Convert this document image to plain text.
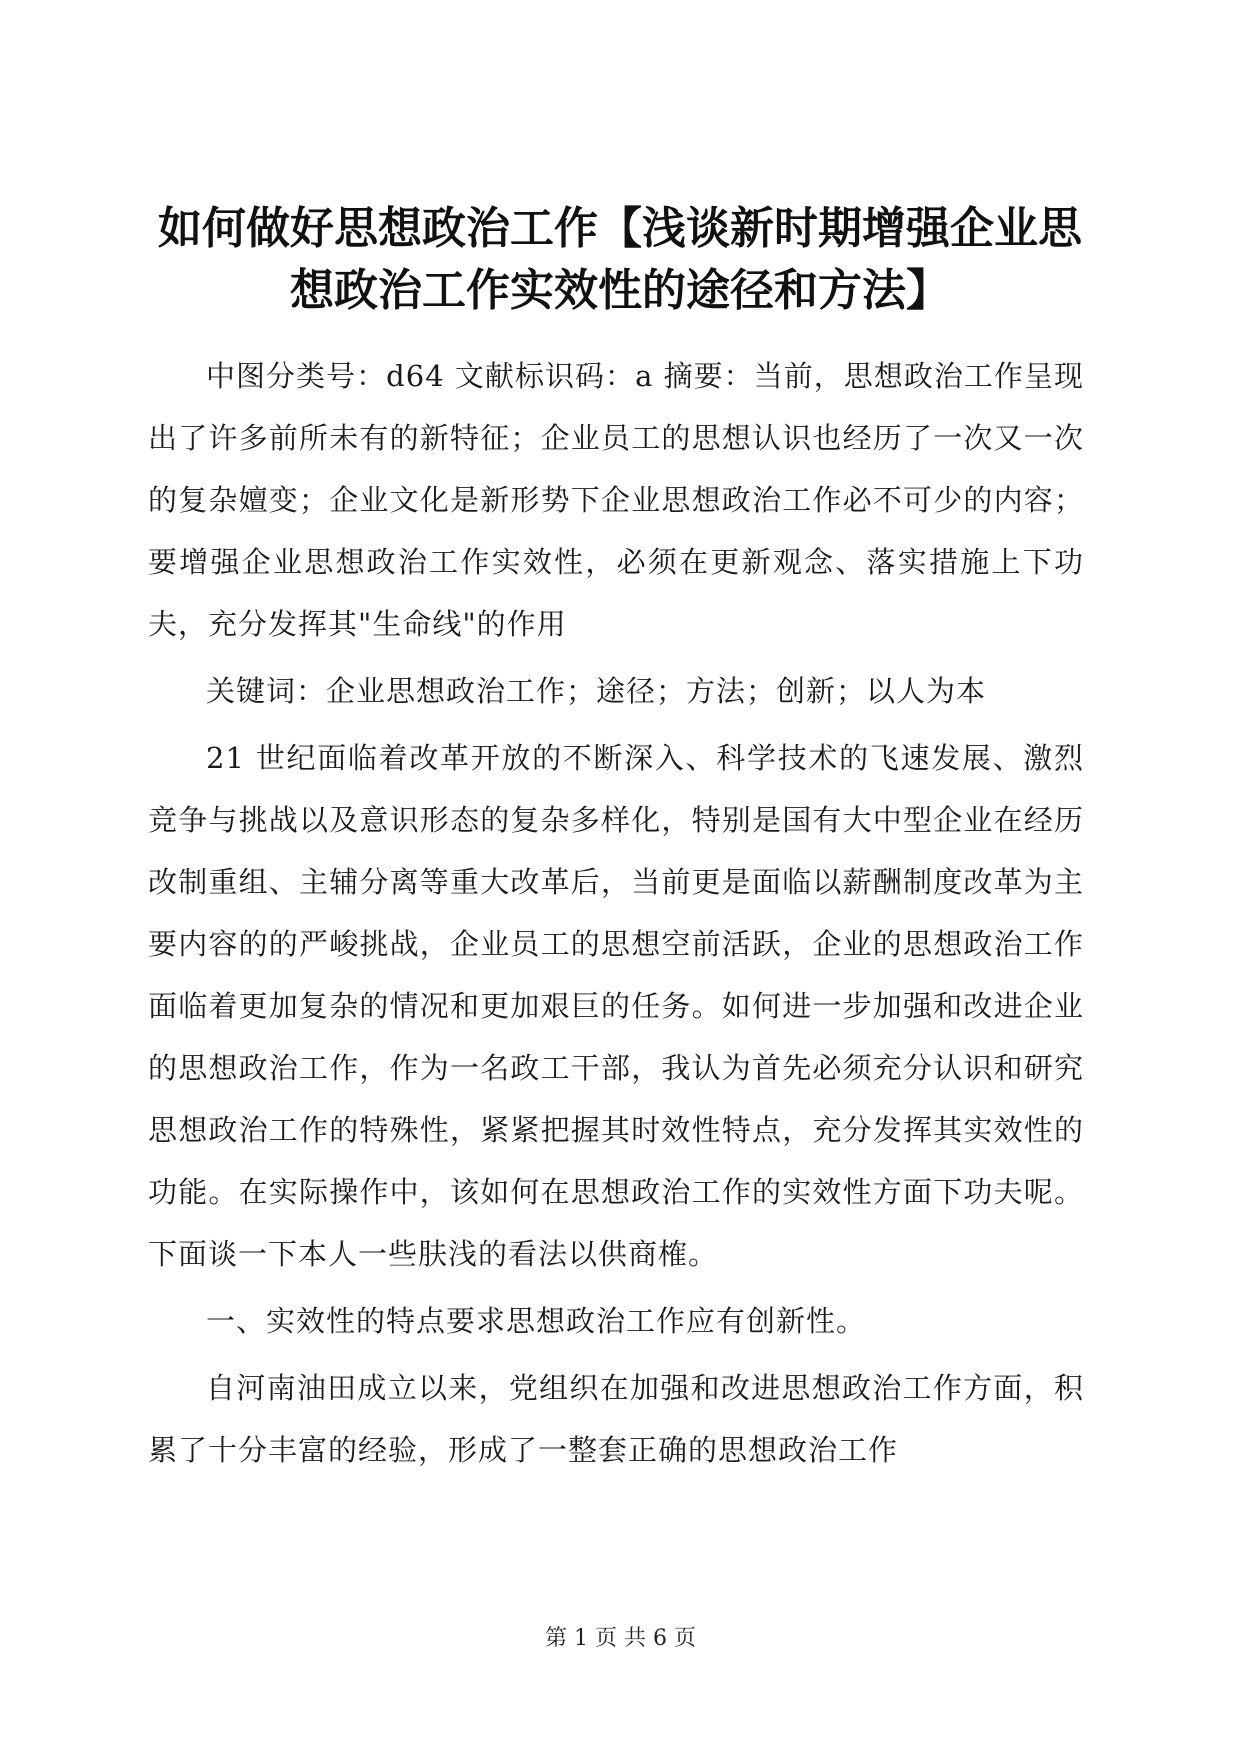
如何做好思想政治工作【浅谈新时期增强企业思想政治工作实效性的途径和方法】

中图分类号：d64 文献标识码：a 摘要：当前，思想政治工作呈现出了许多前所未有的新特征；企业员工的思想认识也经历了一次又一次的复杂嬗变；企业文化是新形势下企业思想政治工作必不可少的内容；要增强企业思想政治工作实效性，必须在更新观念、落实措施上下功夫，充分发挥其"生命线"的作用

关键词：企业思想政治工作；途径；方法；创新；以人为本

21 世纪面临着改革开放的不断深入、科学技术的飞速发展、激烈竞争与挑战以及意识形态的复杂多样化，特别是国有大中型企业在经历改制重组、主辅分离等重大改革后，当前更是面临以薪酬制度改革为主要内容的的严峻挑战，企业员工的思想空前活跃，企业的思想政治工作面临着更加复杂的情况和更加艰巨的任务。如何进一步加强和改进企业的思想政治工作，作为一名政工干部，我认为首先必须充分认识和研究思想政治工作的特殊性，紧紧把握其时效性特点，充分发挥其实效性的功能。在实际操作中，该如何在思想政治工作的实效性方面下功夫呢。下面谈一下本人一些肤浅的看法以供商榷。

一、实效性的特点要求思想政治工作应有创新性。

自河南油田成立以来，党组织在加强和改进思想政治工作方面，积累了十分丰富的经验，形成了一整套正确的思想政治工作

第 1 页 共 6 页
